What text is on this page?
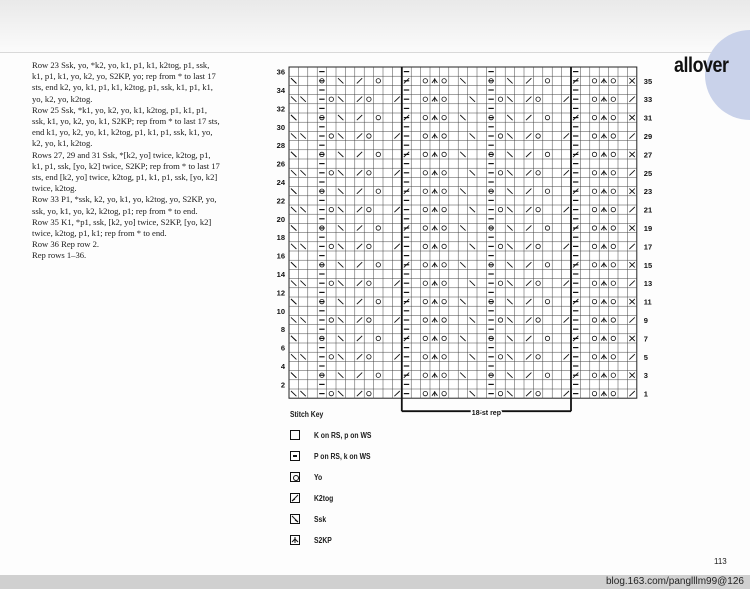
allover
Row 23 Ssk, yo, *k2, yo, k1, p1, k1, k2tog, p1, ssk, k1, p1, k1, yo, k2, yo, S2KP, yo; rep from * to last 17 sts, end k2, yo, k1, p1, k1, k2tog, p1, ssk, k1, p1, k1, yo, k2, yo, k2tog.
Row 25 Ssk, *k1, yo, k2, yo, k1, k2tog, p1, k1, p1, ssk, k1, yo, k2, yo, k1, S2KP; rep from * to last 17 sts, end k1, yo, k2, yo, k1, k2tog, p1, k1, p1, ssk, k1, yo, k2, yo, k1, k2tog.
Rows 27, 29 and 31 Ssk, *[k2, yo] twice, k2tog, p1, k1, p1, ssk, [yo, k2] twice, S2KP; rep from * to last 17 sts, end [k2, yo] twice, k2tog, p1, k1, p1, ssk, [yo, k2] twice, k2tog.
Row 33 P1, *ssk, k2, yo, k1, yo, k2tog, yo, S2KP, yo, ssk, yo, k1, yo, k2, k2tog, p1; rep from * to end.
Row 35 K1, *p1, ssk, [k2, yo] twice, S2KP, [yo, k2] twice, k2tog, p1, k1; rep from * to end.
Row 36 Rep row 2.
Rep rows 1–36.
18-st rep
2
4
6
8
10
12
14
16
18
20
22
24
26
28
30
32
34
36
1
3
5
7
9
11
13
15
17
19
21
23
25
27
29
31
33
35
Stitch Key
K on RS, p on WS
P on RS, k on WS
Yo
K2tog
Ssk
S2KP
113
blog.163.com/panglllm99@126
